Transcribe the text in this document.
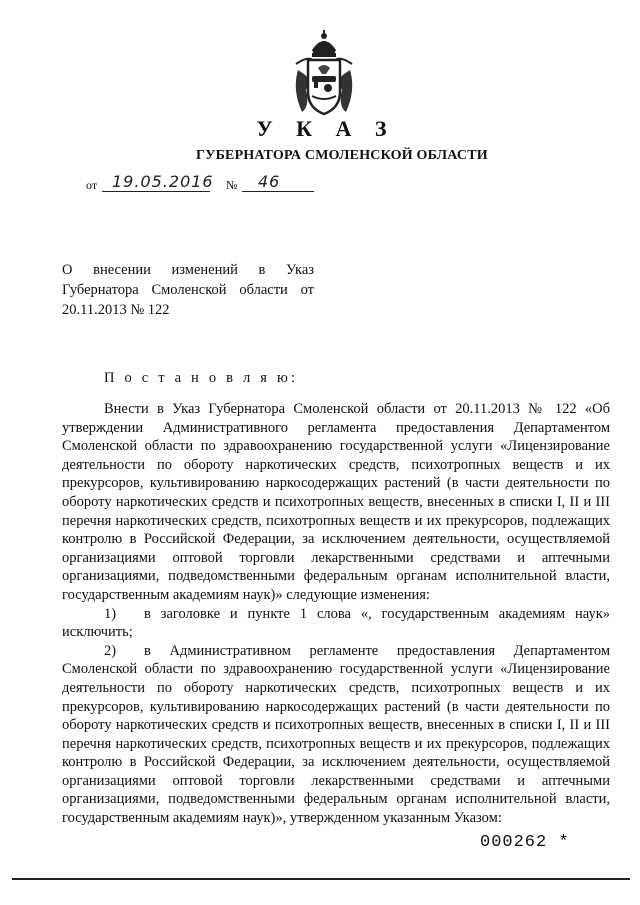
У К А З
ГУБЕРНАТОРА СМОЛЕНСКОЙ ОБЛАСТИ
от 19.05.2016 № 46
О внесении изменений в Указ
Губернатора Смоленской области от
20.11.2013 № 122
П о с т а н о в л я ю:

Внести в Указ Губернатора Смоленской области от 20.11.2013 № 122 «Об утверждении Административного регламента предоставления Департаментом Смоленской области по здравоохранению государственной услуги «Лицензирование деятельности по обороту наркотических средств, психотропных веществ и их прекурсоров, культивированию наркосодержащих растений (в части деятельности по обороту наркотических средств и психотропных веществ, внесенных в списки I, II и III перечня наркотических средств, психотропных веществ и их прекурсоров, подлежащих контролю в Российской Федерации, за исключением деятельности, осуществляемой организациями оптовой торговли лекарственными средствами и аптечными организациями, подведомственными федеральным органам исполнительной власти, государственным академиям наук)» следующие изменения:

1) в заголовке и пункте 1 слова «, государственным академиям наук» исключить;

2) в Административном регламенте предоставления Департаментом Смоленской области по здравоохранению государственной услуги «Лицензирование деятельности по обороту наркотических средств, психотропных веществ и их прекурсоров, культивированию наркосодержащих растений (в части деятельности по обороту наркотических средств и психотропных веществ, внесенных в списки I, II и III перечня наркотических средств, психотропных веществ и их прекурсоров, подлежащих контролю в Российской Федерации, за исключением деятельности, осуществляемой организациями оптовой торговли лекарственными средствами и аптечными организациями, подведомственными федеральным органам исполнительной власти, государственным академиям наук)», утвержденном указанным Указом:

000262 *
